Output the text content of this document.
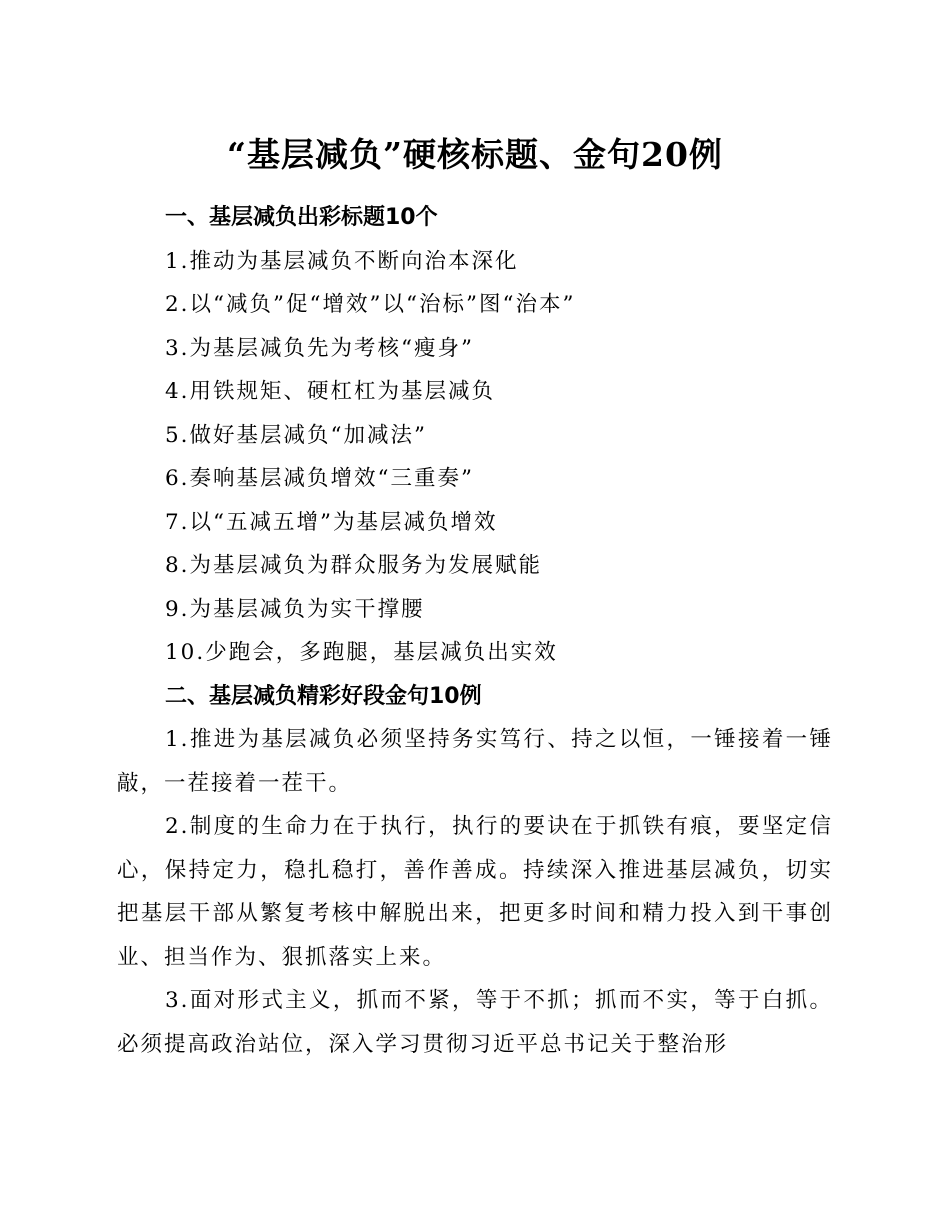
“基层减负”硬核标题、金句20例
一、基层减负出彩标题10个
1.推动为基层减负不断向治本深化
2.以“减负”促“增效”以“治标”图“治本”
3.为基层减负先为考核“瘦身”
4.用铁规矩、硬杠杠为基层减负
5.做好基层减负“加减法”
6.奏响基层减负增效“三重奏”
7.以“五减五增”为基层减负增效
8.为基层减负为群众服务为发展赋能
9.为基层减负为实干撑腰
10.少跑会，多跑腿，基层减负出实效
二、基层减负精彩好段金句10例

1.推进为基层减负必须坚持务实笃行、持之以恒，一锤接着一锤敲，一茬接着一茬干。

2.制度的生命力在于执行，执行的要诀在于抓铁有痕，要坚定信心，保持定力，稳扎稳打，善作善成。持续深入推进基层减负，切实把基层干部从繁复考核中解脱出来，把更多时间和精力投入到干事创业、担当作为、狠抓落实上来。

3.面对形式主义，抓而不紧，等于不抓；抓而不实，等于白抓。必须提高政治站位，深入学习贯彻习近平总书记关于整治形
